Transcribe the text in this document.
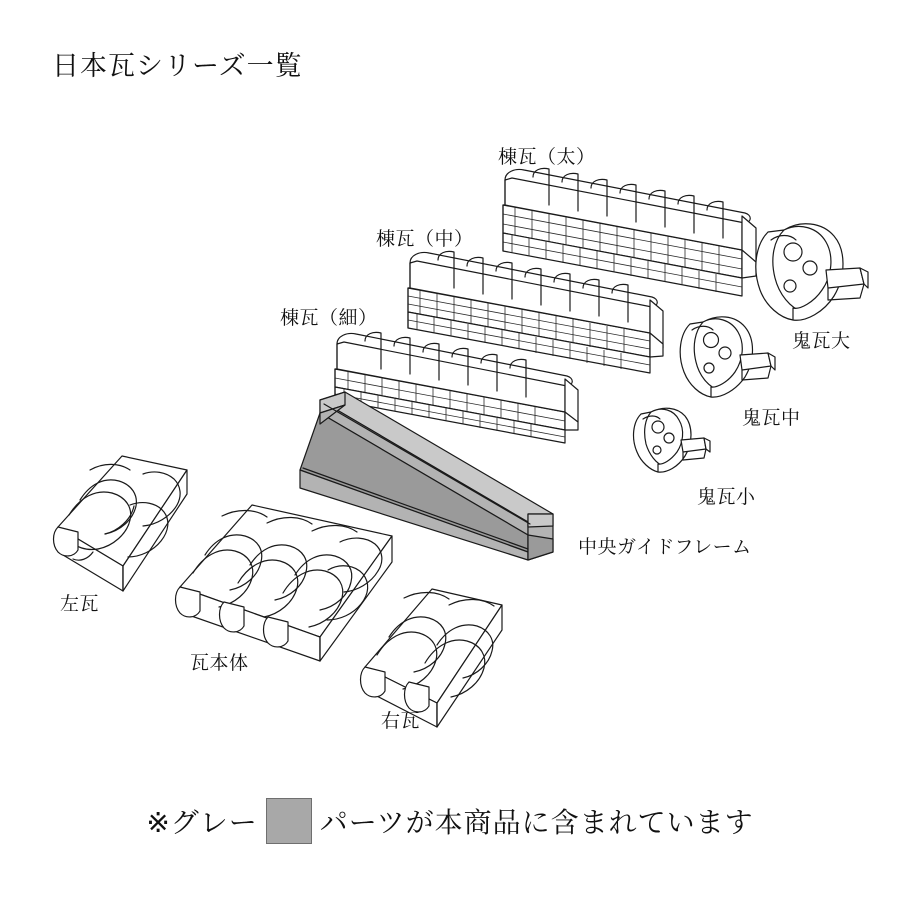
日本瓦シリーズ一覧
棟瓦（太）
棟瓦（中）
棟瓦（細）
鬼瓦大
鬼瓦中
鬼瓦小
中央ガイドフレーム
左瓦
瓦本体
右瓦
※グレー パーツが本商品に含まれています
